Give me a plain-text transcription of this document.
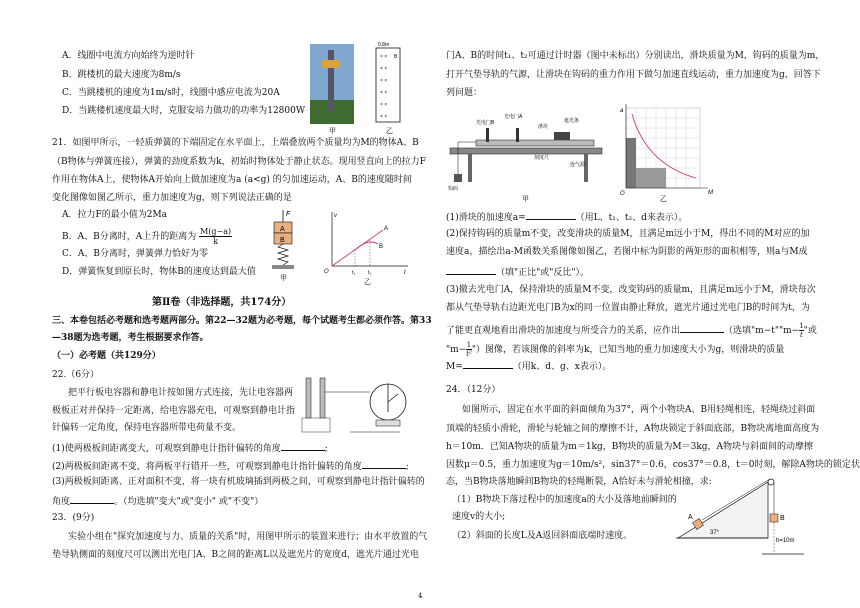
A．线圈中电流方向始终为逆时针
B．跳楼机的最大速度为8m/s
C．当跳楼机的速度为1m/s时，线圈中感应电流为20A
D．当跳楼机速度最大时，克服安培力做功的功率为12800W
甲
0.8m
× ×
× ×
× ×
× ×
× ×
× ×
B
乙
21．如图甲所示，一轻质弹簧的下端固定在水平面上，上端叠放两个质量均为M的物体A、B
（B物体与弹簧连接），弹簧的劲度系数为k，初始时物体处于静止状态。现用竖直向上的拉力F
作用在物体A上，使物体A开始向上做加速度为a (a<g) 的匀加速运动，A、B的速度随时间
变化图像如图乙所示，重力加速度为g，则下列说法正确的是
A．拉力F的最小值为2Ma
B．A、B分离时，A上升的距离为 $\frac{M(g-a)}{k}$
C．A、B分离时，弹簧弹力恰好为零
D．弹簧恢复到原长时，物体B的速度达到最大值
F
A
B
甲
v
O	t₁	t₂	t
A
B
乙
第Ⅱ卷（非选择题，共174分）
三、本卷包括必考题和选考题两部分。第22—32题为必考题，每个试题考生都必须作答。第33
—38题为选考题，考生根据要求作答。
（一）必考题（共129分）
22.（6分）
把平行板电容器和静电计按如图方式连接，先让电容器两
极板正对并保持一定距离，给电容器充电，可观察到静电计指
针偏转一定角度，保持电容器所带电荷量不变。
(1)使两极板间距离变大，可观察到静电计指针偏转的角度	;
(2)两极板间距离不变，将两板平行错开一些，可观察到静电计指针偏转的角度	;
(3)两极板间距离、正对面积不变，将一块有机玻璃插到两极之间，可观察到静电计指针偏转的
角度	。（均选填"变大"或"变小" 或"不变"）
23．(9分)
实验小组在"探究加速度与力、质量的关系"时，用图甲所示的装置来进行；由水平放置的气
垫导轨侧面的刻度尺可以测出光电门A、B之间的距离L以及遮光片的宽度d，遮光片通过光电
门A、B的时间t₁、t₂可通过计时器（图中未标出）分别读出，滑块质量为M，钩码的质量为m，
打开气垫导轨的气源，让滑块在钩码的重力作用下做匀加速直线运动，重力加速度为g，回答下
列问题：
光电门B
光电门A
滑块
遮光条
刻度尺
连气源
钩码
甲
a
O	M
乙
(1)滑块的加速度a=	（用L、t₁、t₂、d来表示）。
(2)保持钩码的质量m不变，改变滑块的质量M，且满足m远小于M，得出不同的M对应的加
速度a，描绘出a-M函数关系图像如图乙，若图中标为阴影的两矩形的面积相等，则a与M成
（填"正比"或"反比"）。
(3)撤去光电门A，保持滑块的质量M不变，改变钩码的质量m，且满足m远小于M，滑块每次
都从气垫导轨右边距光电门B为x的同一位置由静止释放，遮光片通过光电门B的时间为t，为
了能更直观地看出滑块的加速度与所受合力的关系，应作出	（选填"m−t""m− $\frac{1}{t}$ "或
"$m- \frac{1}{\text{t²}}$ "）图像，若该图像的斜率为k，已知当地的重力加速度大小为g，则滑块的质量
M=	（用k、d、g、x表示）。
24．（12分）
如图所示，固定在水平面的斜面倾角为37°，两个小物块A、B用轻绳相连，轻绳绕过斜面
顶端的轻质小滑轮，滑轮与轮轴之间的摩擦不计，A物块锁定于斜面底部，B物块离地面高度为
h＝10m．已知A物块的质量为m＝1kg，B物块的质量为M＝3kg，A物块与斜面间的动摩擦
因数μ＝0.5，重力加速度为g＝10m/s²，sin37°＝0.6，cos37°＝0.8，t＝0时刻，解除A物块的锁定状
态，当B物块落地瞬间B物块的轻绳断裂，A恰好未与滑轮相撞，求:
（1）B物块下落过程中的加速度a的大小及落地前瞬间的
速度v的大小;
（2）斜面的长度L及A返回斜面底端时速度。
A
37°
B
h=10m
4
